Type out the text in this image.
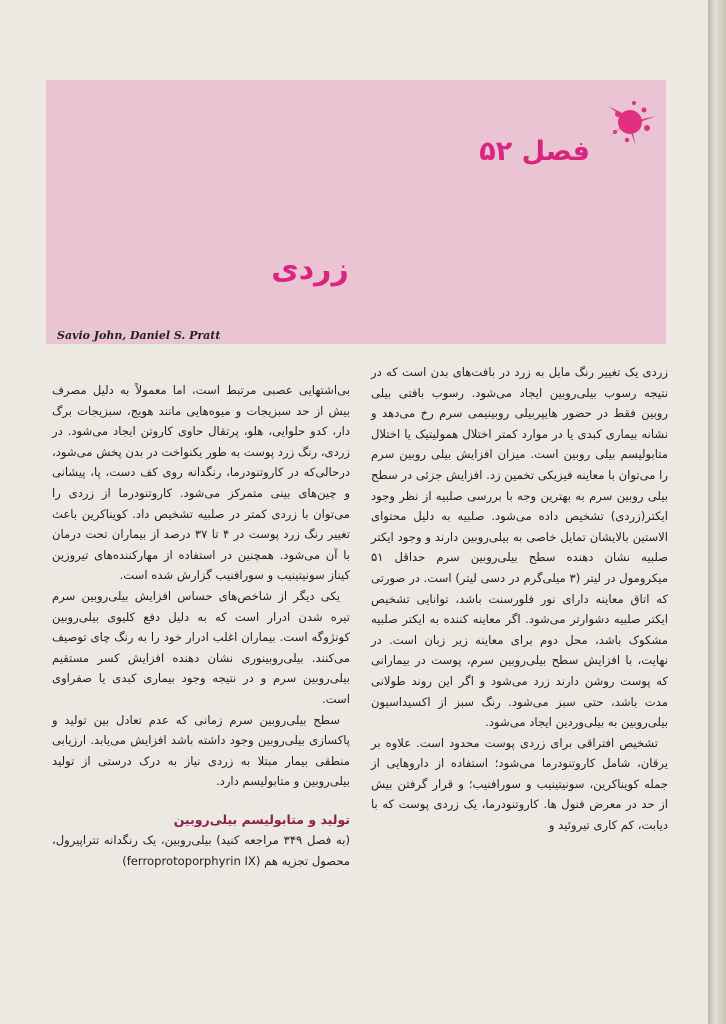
فصل ۵۲
زردی
Savio John, Daniel S. Pratt

زردی یک تغییر رنگ مایل به زرد در بافت‌های بدن است که در نتیجه رسوب بیلی‌روبین ایجاد می‌شود. رسوب بافتی بیلی روبین فقط در حضور هایپربیلی روبینیمی سرم رخ می‌دهد و نشانه بیماری کبدی یا در موارد کمتر اختلال همولیتیک یا اختلال متابولیسم بیلی روبین است. میزان افزایش بیلی روبین سرم را می‌توان با معاینه فیزیکی تخمین زد. افزایش جزئی در سطح بیلی روبین سرم به بهترین وجه با بررسی صلبیه از نظر وجود ایکتر(زردی) تشخیص داده می‌شود. صلبیه به دلیل محتوای الاستین بالایشان تمایل خاصی به بیلی‌روبین دارند و وجود ایکتر صلبیه نشان دهنده سطح بیلی‌روبین سرم حداقل ۵۱ میکرومول در لیتر (۳ میلی‌گرم در دسی لیتر) است. در صورتی که اتاق معاینه دارای نور فلورسنت باشد، توانایی تشخیص ایکتر صلبیه دشوارتر می‌شود. اگر معاینه کننده به ایکتر صلبیه مشکوک باشد، محل دوم برای معاینه زیر زبان است. در نهایت، با افزایش سطح بیلی‌روبین سرم، پوست در بیمارانی که پوست روشن دارند زرد می‌شود و اگر این روند طولانی مدت باشد، حتی سبز می‌شود. رنگ سبز از اکسیداسیون بیلی‌روبین به بیلی‌وردین ایجاد می‌شود.

تشخیص افتراقی برای زردی پوست محدود است. علاوه بر یرقان، شامل کاروتنودرما می‌شود؛ استفاده از داروهایی از جمله کویناکرین، سونیتینیب و سورافنیب؛ و قرار گرفتن بیش از حد در معرض فنول ها. کاروتنودرما، یک زردی پوست که با دیابت، کم کاری تیروئید و

بی‌اشتهایی عصبی مرتبط است، اما معمولاً به دلیل مصرف بیش از حد سبزیجات و میوه‌هایی مانند هویج، سبزیجات برگ دار، کدو حلوایی، هلو، پرتقال حاوی کاروتن ایجاد می‌شود. در زردی، رنگ زرد پوست به طور یکنواخت در بدن پخش می‌شود، درحالی‌که در کاروتنودرما، رنگدانه روی کف دست، پا، پیشانی و چین‌های بینی متمرکز می‌شود. کاروتنودرما از زردی را می‌توان با زردی کمتر در صلبیه تشخیص داد. کویناکرین باعث تغییر رنگ زرد پوست در ۴ تا ۳۷ درصد از بیماران تحت درمان با آن می‌شود. همچنین در استفاده از مهارکننده‌های تیروزین کیناز سونیتینیب و سورافنیب گزارش شده است.

یکی دیگر از شاخص‌های حساس افزایش بیلی‌روبین سرم تیره شدن ادرار است که به دلیل دفع کلیوی بیلی‌روبین کونژوگه است. بیماران اغلب ادرار خود را به رنگ چای توصیف می‌کنند. بیلی‌روبینوری نشان دهنده افزایش کسر مستقیم بیلی‌روبین سرم و در نتیجه وجود بیماری کبدی یا صفراوی است.

سطح بیلی‌روبین سرم زمانی که عدم تعادل بین تولید و پاکسازی بیلی‌روبین وجود داشته باشد افزایش می‌یابد. ارزیابی منطقی بیمار مبتلا به زردی نیاز به درک درستی از تولید بیلی‌روبین و متابولیسم دارد.

تولید و متابولیسم بیلی‌روبین

(به فصل ۳۴۹ مراجعه کنید) بیلی‌روبین، یک رنگدانه تتراپیرول، محصول تجزیه هم (ferroprotoporphyrin IX)
